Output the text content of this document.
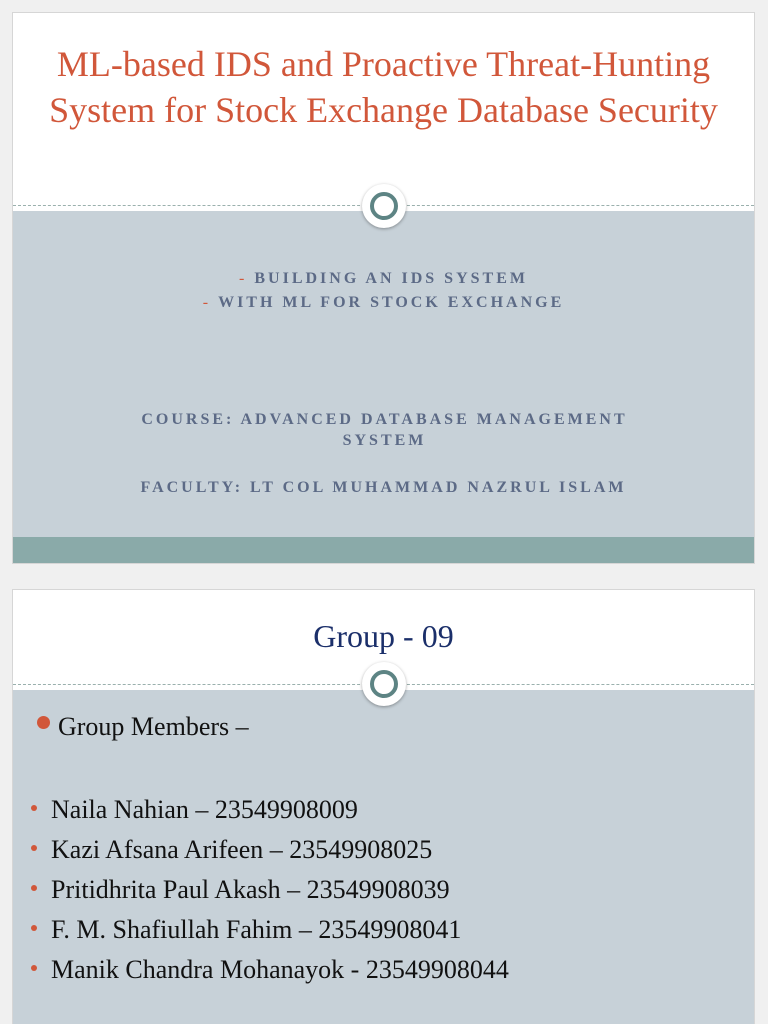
ML-based IDS and Proactive Threat-Hunting System for Stock Exchange Database Security
- BUILDING AN IDS SYSTEM
- WITH ML FOR STOCK EXCHANGE
COURSE: ADVANCED DATABASE MANAGEMENT SYSTEM
FACULTY: LT COL MUHAMMAD NAZRUL ISLAM
Group - 09
Group Members –
Naila Nahian – 23549908009
Kazi Afsana Arifeen – 23549908025
Pritidhrita Paul Akash – 23549908039
F. M. Shafiullah Fahim – 23549908041
Manik Chandra Mohanayok - 23549908044
